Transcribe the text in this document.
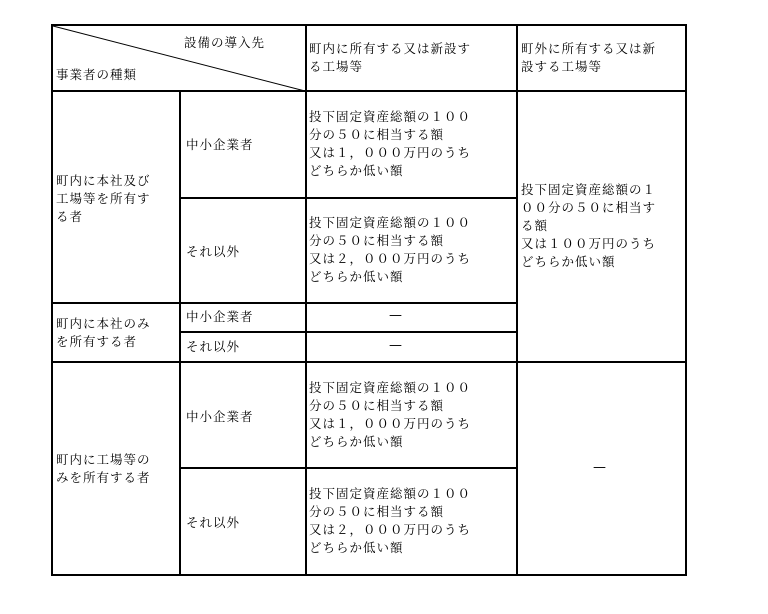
設備の導入先
事業者の種類
町内に所有する又は新設す
る工場等
町外に所有する又は新
設する工場等
町内に本社及び
工場等を所有す
る者
町内に本社のみ
を所有する者
町内に工場等の
みを所有する者
中小企業者
それ以外
中小企業者
それ以外
中小企業者
それ以外
投下固定資産総額の１００
分の５０に相当する額
又は１，０００万円のうち
どちらか低い額
投下固定資産総額の１００
分の５０に相当する額
又は２，０００万円のうち
どちらか低い額
—
—
投下固定資産総額の１００
分の５０に相当する額
又は１，０００万円のうち
どちらか低い額
投下固定資産総額の１００
分の５０に相当する額
又は２，０００万円のうち
どちらか低い額
投下固定資産総額の１
００分の５０に相当す
る額
又は１００万円のうち
どちらか低い額
—
